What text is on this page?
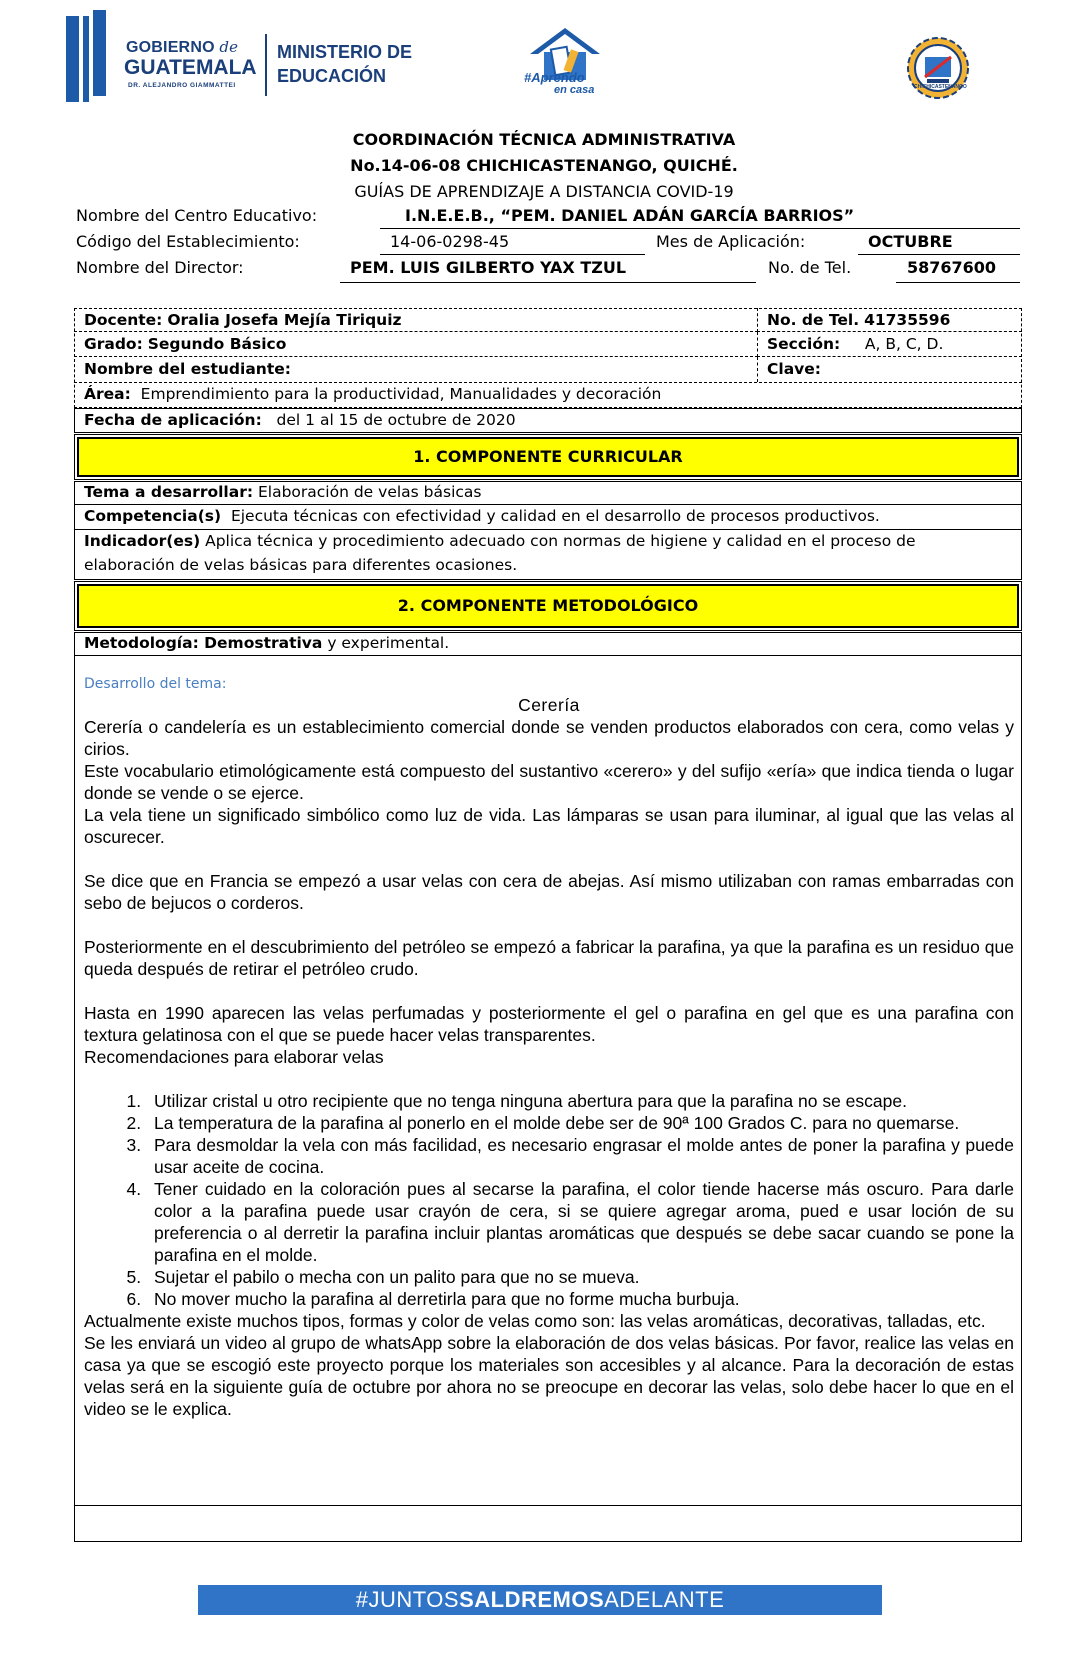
GOBIERNO de
GUATEMALA
DR. ALEJANDRO GIAMMATTEI
MINISTERIO DE
EDUCACIÓN	#Aprendo
en casa	CHICHICASTENANGO
COORDINACIÓN TÉCNICA ADMINISTRATIVA
No.14-06-08 CHICHICASTENANGO, QUICHÉ.
GUÍAS DE APRENDIZAJE A DISTANCIA COVID-19
Nombre del Centro Educativo:	I.N.E.E.B., “PEM. DANIEL ADÁN GARCÍA BARRIOS”
Código del Establecimiento:	14-06-0298-45	Mes de Aplicación:	OCTUBRE
Nombre del Director:	PEM. LUIS GILBERTO YAX TZUL	No. de Tel.	58767600
Docente: Oralia Josefa Mejía Tiriquiz	No. de Tel. 41735596
Grado: Segundo Básico	Sección: A, B, C, D.
Nombre del estudiante:	Clave:
Área: Emprendimiento para la productividad, Manualidades y decoración
Fecha de aplicación: del 1 al 15 de octubre de 2020
1. COMPONENTE CURRICULAR
Tema a desarrollar: Elaboración de velas básicas
Competencia(s) Ejecuta técnicas con efectividad y calidad en el desarrollo de procesos productivos.
Indicador(es) Aplica técnica y procedimiento adecuado con normas de higiene y calidad en el proceso de
elaboración de velas básicas para diferentes ocasiones.
2. COMPONENTE METODOLÓGICO
Metodología: Demostrativa y experimental.
Desarrollo del tema:
Cerería

Cerería o candelería es un establecimiento comercial donde se venden productos elaborados con cera, como velas y cirios.

Este vocabulario etimológicamente está compuesto del sustantivo «cerero» y del sufijo «ería» que indica tienda o lugar donde se vende o se ejerce.

La vela tiene un significado simbólico como luz de vida. Las lámparas se usan para iluminar, al igual que las velas al oscurecer.

Se dice que en Francia se empezó a usar velas con cera de abejas. Así mismo utilizaban con ramas embarradas con sebo de bejucos o corderos.

Posteriormente en el descubrimiento del petróleo se empezó a fabricar la parafina, ya que la parafina es un residuo que queda después de retirar el petróleo crudo.

Hasta en 1990 aparecen las velas perfumadas y posteriormente el gel o parafina en gel que es una parafina con textura gelatinosa con el que se puede hacer velas transparentes.

Recomendaciones para elaborar velas

1. Utilizar cristal u otro recipiente que no tenga ninguna abertura para que la parafina no se escape.
2. La temperatura de la parafina al ponerlo en el molde debe ser de 90ª 100 Grados C. para no quemarse.
3. Para desmoldar la vela con más facilidad, es necesario engrasar el molde antes de poner la parafina y puede usar aceite de cocina.
4. Tener cuidado en la coloración pues al secarse la parafina, el color tiende hacerse más oscuro. Para darle color a la parafina puede usar crayón de cera, si se quiere agregar aroma, pued e usar loción de su preferencia o al derretir la parafina incluir plantas aromáticas que después se debe sacar cuando se pone la parafina en el molde.
5. Sujetar el pabilo o mecha con un palito para que no se mueva.
6. No mover mucho la parafina al derretirla para que no forme mucha burbuja.

Actualmente existe muchos tipos, formas y color de velas como son: las velas aromáticas, decorativas, talladas, etc.

Se les enviará un video al grupo de whatsApp sobre la elaboración de dos velas básicas. Por favor, realice las velas en casa ya que se escogió este proyecto porque los materiales son accesibles y al alcance. Para la decoración de estas velas será en la siguiente guía de octubre por ahora no se preocupe en decorar las velas, solo debe hacer lo que en el video se le explica.

#JUNTOSSALDREMOSADELANTE
